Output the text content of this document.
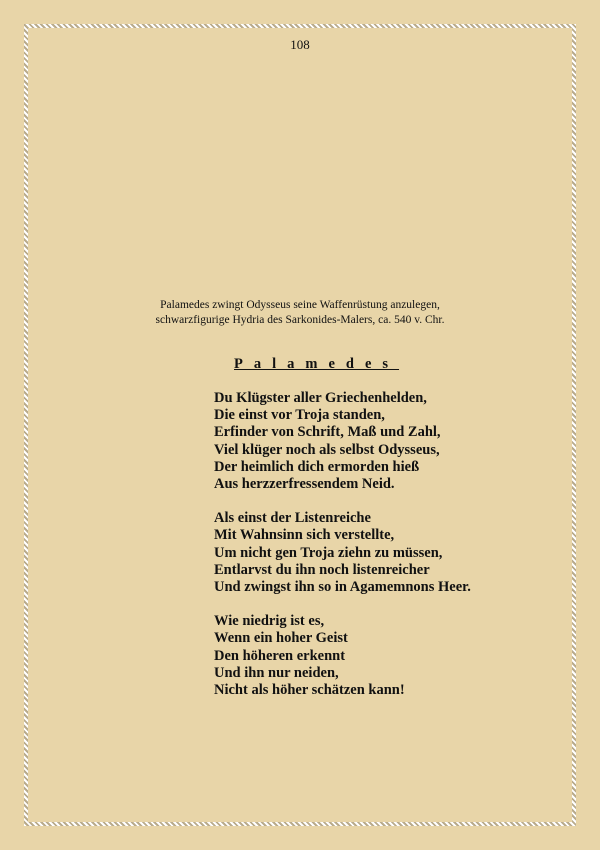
108
Palamedes zwingt Odysseus seine Waffenrüstung anzulegen,
schwarzfigurige Hydria des Sarkonides-Malers, ca. 540 v. Chr.
Palamedes
Du Klügster aller Griechenhelden,
Die einst vor Troja standen,
Erfinder von Schrift, Maß und Zahl,
Viel klüger noch als selbst Odysseus,
Der heimlich dich ermorden hieß
Aus herzzerfressendem Neid.
Als einst der Listenreiche
Mit Wahnsinn sich verstellte,
Um nicht gen Troja ziehn zu müssen,
Entlarvst du ihn noch listenreicher
Und zwingst ihn so in Agamemnons Heer.
Wie niedrig ist es,
Wenn ein hoher Geist
Den höheren erkennt
Und ihn nur neiden,
Nicht als höher schätzen kann!
